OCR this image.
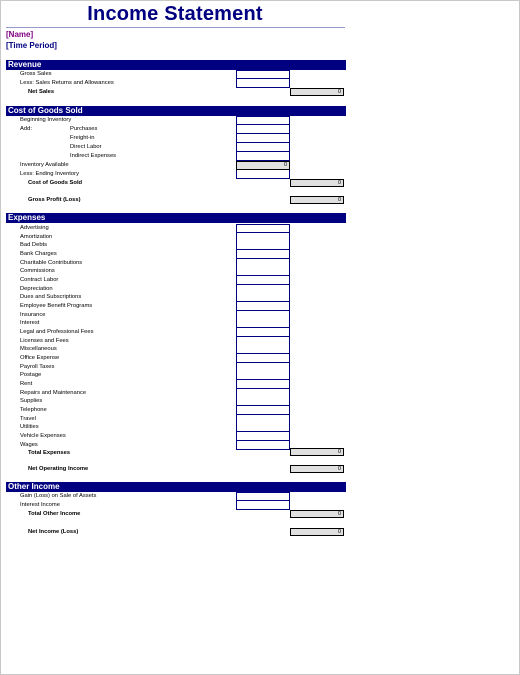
Income Statement
[Name]
[Time Period]
Revenue
Gross Sales
Less: Sales Returns and Allowances
Net Sales	0
Cost of Goods Sold
Beginning Inventory
Add:	Purchases
Freight-in
Direct Labor
Indirect Expenses
Inventory Available	0
Less: Ending Inventory
Cost of Goods Sold	0
Gross Profit (Loss)	0
Expenses
Advertising
Amortization
Bad Debts
Bank Charges
Charitable Contributions
Commissions
Contract Labor
Depreciation
Dues and Subscriptions
Employee Benefit Programs
Insurance
Interest
Legal and Professional Fees
Licenses and Fees
Miscellaneous
Office Expense
Payroll Taxes
Postage
Rent
Repairs and Maintenance
Supplies
Telephone
Travel
Utilities
Vehicle Expenses
Wages
Total Expenses	0
Net Operating Income	0
Other Income
Gain (Loss) on Sale of Assets
Interest Income
Total Other Income	0
Net Income (Loss)	0
